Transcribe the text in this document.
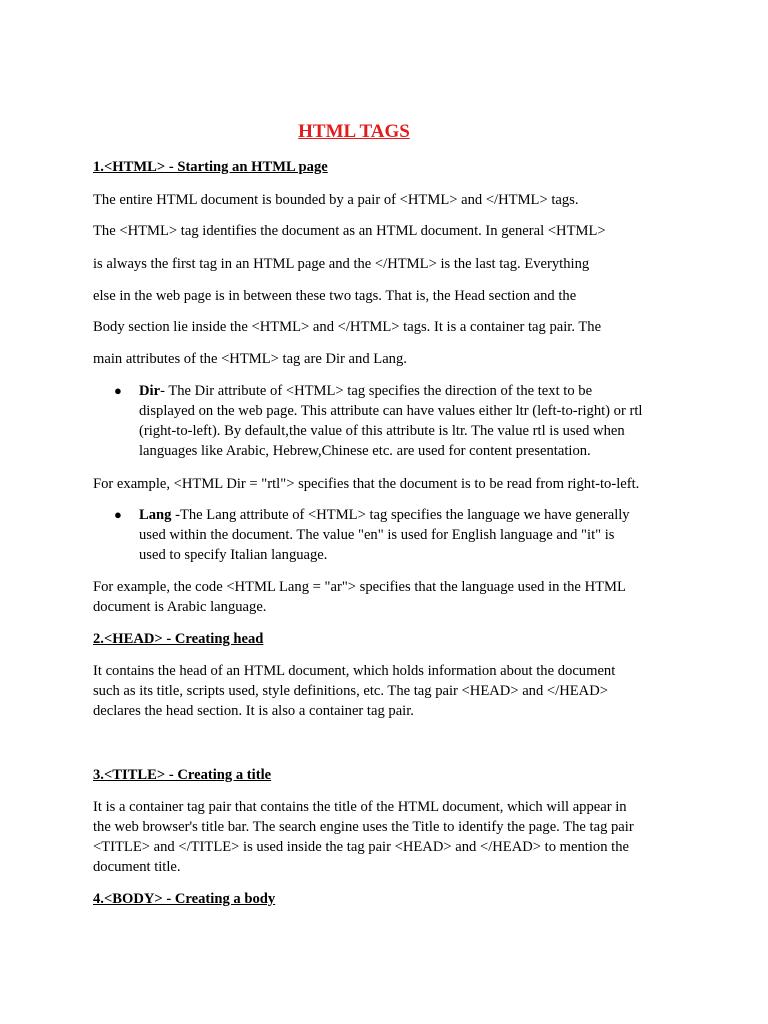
HTML TAGS
1.<HTML> - Starting an HTML page
The entire HTML document is bounded by a pair of <HTML> and </HTML> tags.
The <HTML> tag identifies the document as an HTML document. In general <HTML>
is always the first tag in an HTML page and the </HTML> is the last tag. Everything
else in the web page is in between these two tags. That is, the Head section and the
Body section lie inside the <HTML> and </HTML> tags. It is a container tag pair. The
main attributes of the <HTML> tag are Dir and Lang.
● Dir- The Dir attribute of <HTML> tag specifies the direction of the text to be
displayed on the web page. This attribute can have values either ltr (left-to-right) or rtl
(right-to-left). By default,the value of this attribute is ltr. The value rtl is used when
languages like Arabic, Hebrew,Chinese etc. are used for content presentation.
For example, <HTML Dir = "rtl"> specifies that the document is to be read from right-to-left.
● Lang -The Lang attribute of <HTML> tag specifies the language we have generally
used within the document. The value "en" is used for English language and "it" is
used to specify Italian language.
For example, the code <HTML Lang = "ar"> specifies that the language used in the HTML
document is Arabic language.
2.<HEAD> - Creating head
It contains the head of an HTML document, which holds information about the document
such as its title, scripts used, style definitions, etc. The tag pair <HEAD> and </HEAD>
declares the head section. It is also a container tag pair.
3.<TITLE> - Creating a title
It is a container tag pair that contains the title of the HTML document, which will appear in
the web browser's title bar. The search engine uses the Title to identify the page. The tag pair
<TITLE> and </TITLE> is used inside the tag pair <HEAD> and </HEAD> to mention the
document title.
4.<BODY> - Creating a body
